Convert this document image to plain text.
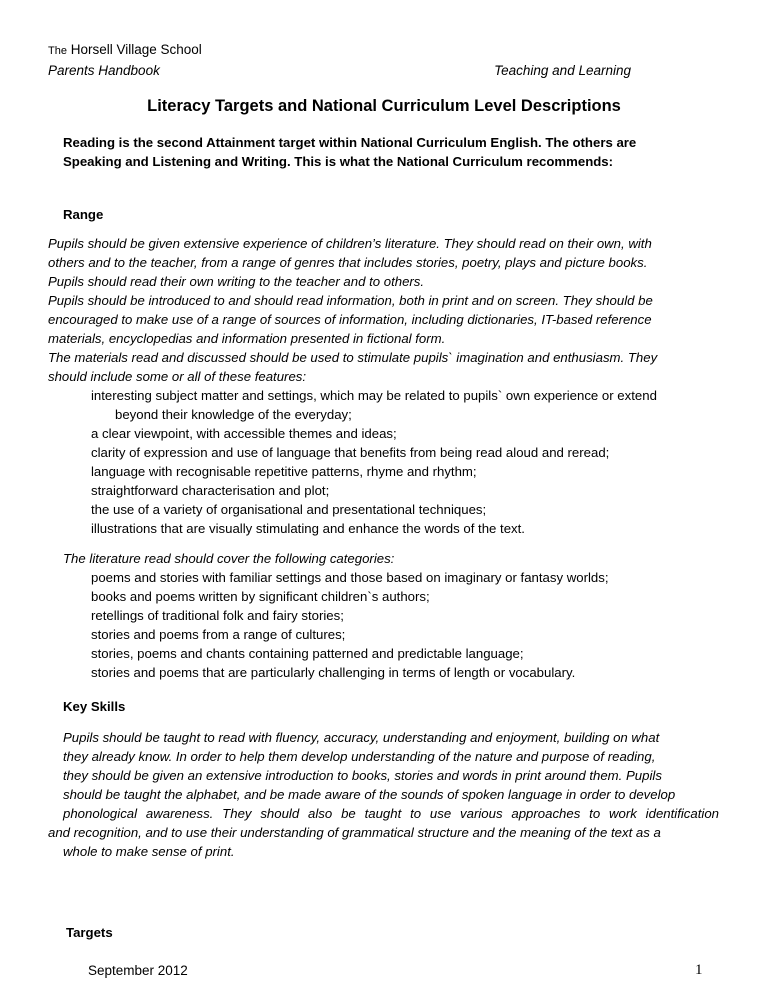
The Horsell Village School
Parents Handbook	Teaching and Learning
Literacy Targets and National Curriculum Level Descriptions
Reading is the second Attainment target within National Curriculum English. The others are
Speaking and Listening and Writing. This is what the National Curriculum recommends:
Range
Pupils should be given extensive experience of children’s literature. They should read on their own, with
others and to the teacher, from a range of genres that includes stories, poetry, plays and picture books.
Pupils should read their own writing to the teacher and to others.
Pupils should be introduced to and should read information, both in print and on screen. They should be
encouraged to make use of a range of sources of information, including dictionaries, IT-based reference
materials, encyclopedias and information presented in fictional form.
The materials read and discussed should be used to stimulate pupils` imagination and enthusiasm. They
should include some or all of these features:
interesting subject matter and settings, which may be related to pupils` own experience or extend
beyond their knowledge of the everyday;
a clear viewpoint, with accessible themes and ideas;
clarity of expression and use of language that benefits from being read aloud and reread;
language with recognisable repetitive patterns, rhyme and rhythm;
straightforward characterisation and plot;
the use of a variety of organisational and presentational techniques;
illustrations that are visually stimulating and enhance the words of the text.
The literature read should cover the following categories:
poems and stories with familiar settings and those based on imaginary or fantasy worlds;
books and poems written by significant children`s authors;
retellings of traditional folk and fairy stories;
stories and poems from a range of cultures;
stories, poems and chants containing patterned and predictable language;
stories and poems that are particularly challenging in terms of length or vocabulary.
Key Skills
Pupils should be taught to read with fluency, accuracy, understanding and enjoyment, building on what
they already know. In order to help them develop understanding of the nature and purpose of reading,
they should be given an extensive introduction to books, stories and words in print around them. Pupils
should be taught the alphabet, and be made aware of the sounds of spoken language in order to develop
phonological awareness. They should also be taught to use various approaches to work identification
and recognition, and to use their understanding of grammatical structure and the meaning of the text as a
whole to make sense of print.
Targets
September 2012	1
